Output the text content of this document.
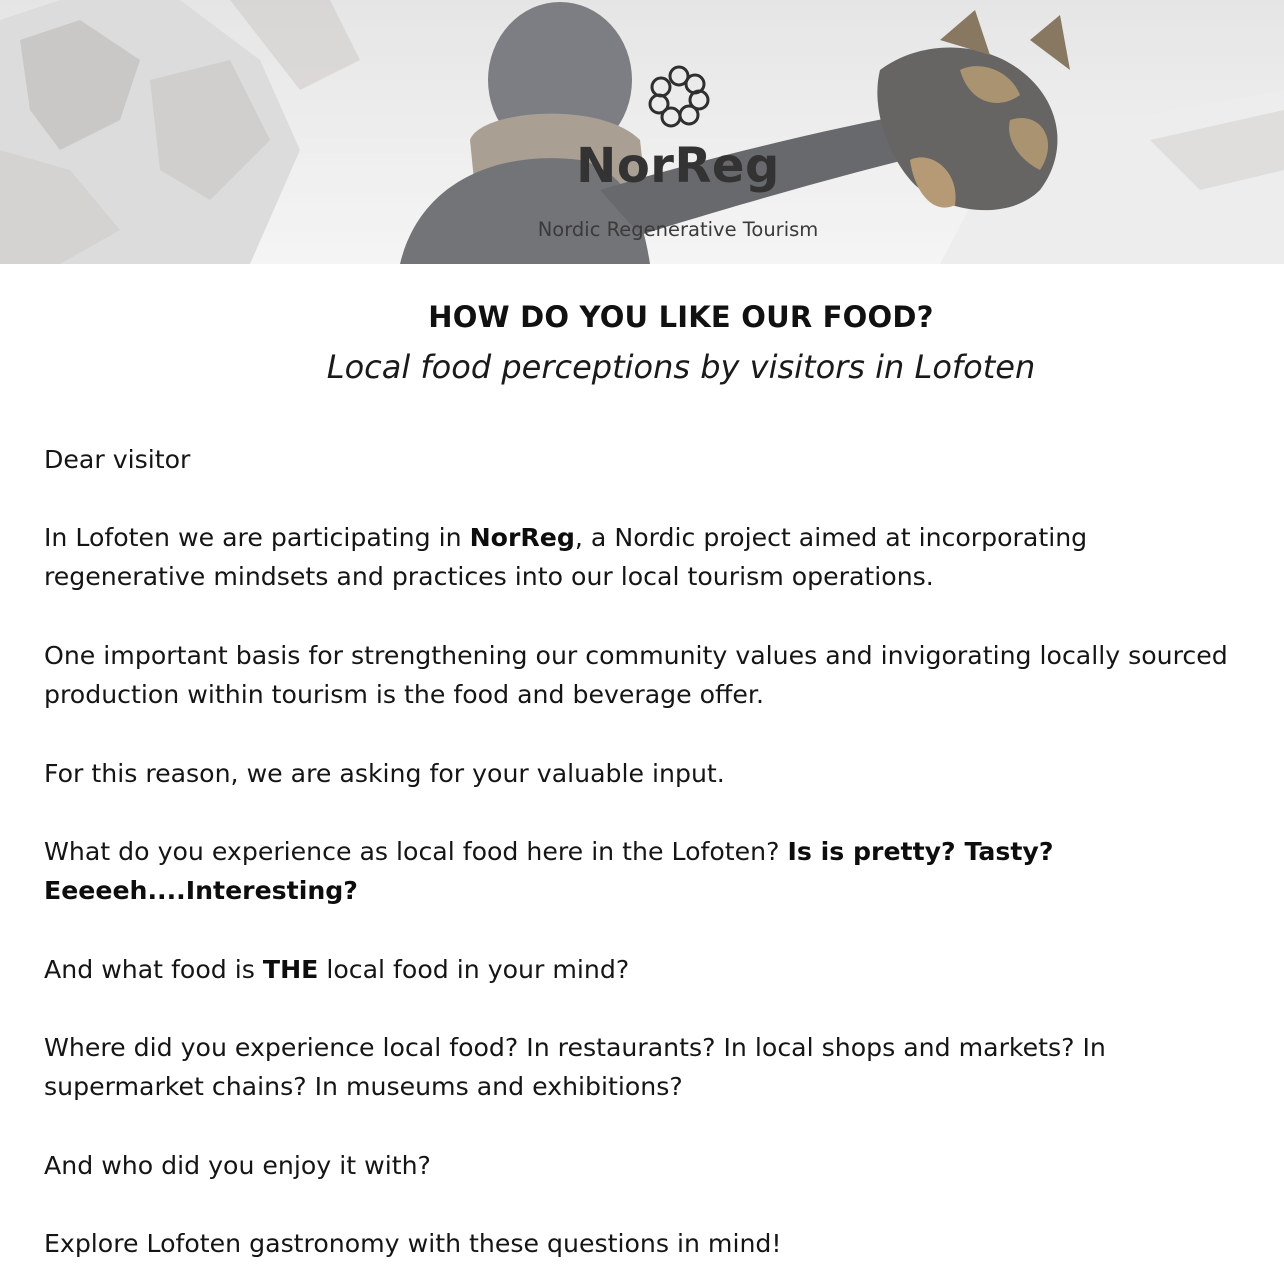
NorReg
Nordic Regenerative Tourism
HOW DO YOU LIKE OUR FOOD?
Local food perceptions by visitors in Lofoten

Dear visitor

In Lofoten we are participating in NorReg, a Nordic project aimed at incorporating regenerative mindsets and practices into our local tourism operations.

One important basis for strengthening our community values and invigorating locally sourced production within tourism is the food and beverage offer.

For this reason, we are asking for your valuable input.

What do you experience as local food here in the Lofoten? Is is pretty? Tasty? Eeeeeh....Interesting?

And what food is THE local food in your mind?

Where did you experience local food? In restaurants? In local shops and markets? In supermarket chains? In museums and exhibitions?

And who did you enjoy it with?

Explore Lofoten gastronomy with these questions in mind!
